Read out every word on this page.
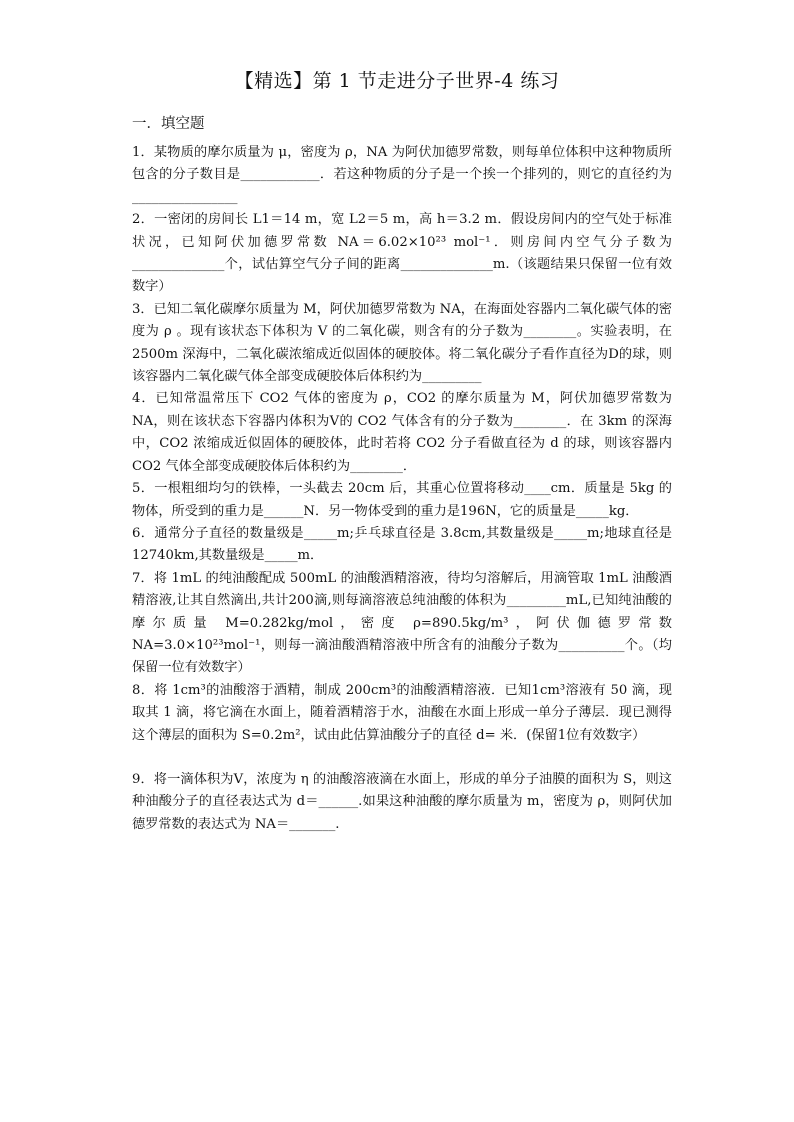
【精选】第 1 节走进分子世界-4 练习
一．填空题

1．某物质的摩尔质量为 μ，密度为 ρ，NA 为阿伏加德罗常数，则每单位体积中这种物质所包含的分子数目是____________．若这种物质的分子是一个挨一个排列的，则它的直径约为________________

2．一密闭的房间长 L1＝14 m，宽 L2＝5 m，高 h＝3.2 m．假设房间内的空气处于标准状况，已知阿伏加德罗常数 NA＝6.02×10²³ mol⁻¹．则房间内空气分子数为______________个，试估算空气分子间的距离______________m.（该题结果只保留一位有效数字）

3．已知二氧化碳摩尔质量为 M，阿伏加德罗常数为 NA，在海面处容器内二氧化碳气体的密度为 ρ 。现有该状态下体积为 V 的二氧化碳，则含有的分子数为________。实验表明，在 2500m 深海中，二氧化碳浓缩成近似固体的硬胶体。将二氧化碳分子看作直径为D的球，则该容器内二氧化碳气体全部变成硬胶体后体积约为_________

4．已知常温常压下 CO2 气体的密度为 ρ，CO2 的摩尔质量为 M，阿伏加德罗常数为 NA，则在该状态下容器内体积为V的 CO2 气体含有的分子数为________．在 3km 的深海中，CO2 浓缩成近似固体的硬胶体，此时若将 CO2 分子看做直径为 d 的球，则该容器内 CO2 气体全部变成硬胶体后体积约为________．

5．一根粗细均匀的铁棒，一头截去 20cm 后，其重心位置将移动____cm．质量是 5kg 的物体，所受到的重力是______N．另一物体受到的重力是196N，它的质量是_____kg．

6．通常分子直径的数量级是_____m;乒乓球直径是 3.8cm,其数量级是_____m;地球直径是12740km,其数量级是_____m．

7．将 1mL 的纯油酸配成 500mL 的油酸酒精溶液，待均匀溶解后，用滴管取 1mL 油酸酒精溶液,让其自然滴出,共计200滴,则每滴溶液总纯油酸的体积为_________mL,已知纯油酸的摩尔质量 M=0.282kg/mol，密度 ρ=890.5kg/m³，阿伏伽德罗常数 NA=3.0×10²³mol⁻¹，则每一滴油酸酒精溶液中所含有的油酸分子数为__________个。（均保留一位有效数字）

8．将 1cm³的油酸溶于酒精，制成 200cm³的油酸酒精溶液．已知1cm³溶液有 50 滴，现取其 1 滴，将它滴在水面上，随着酒精溶于水，油酸在水面上形成一单分子薄层．现已测得这个薄层的面积为 S=0.2m²，试由此估算油酸分子的直径 d= 米．(保留1位有效数字）

9．将一滴体积为V，浓度为 η 的油酸溶液滴在水面上，形成的单分子油膜的面积为 S，则这种油酸分子的直径表达式为 d＝______.如果这种油酸的摩尔质量为 m，密度为 ρ，则阿伏加德罗常数的表达式为 NA＝_______.
